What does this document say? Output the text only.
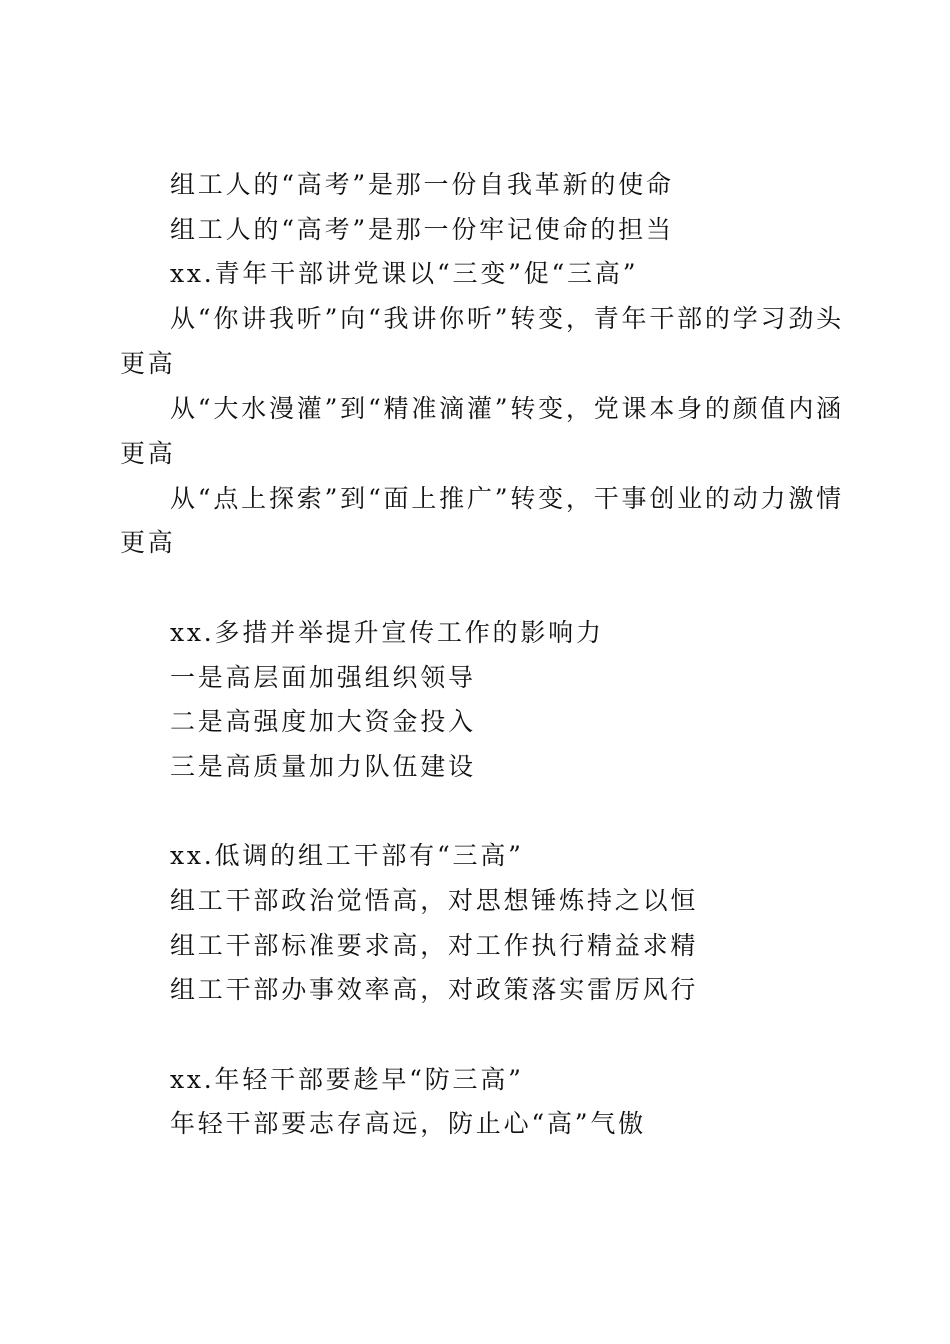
组工人的“高考”是那一份自我革新的使命
组工人的“高考”是那一份牢记使命的担当
xx.青年干部讲党课以“三变”促“三高”
从“你讲我听”向“我讲你听”转变，青年干部的学习劲头
更高
从“大水漫灌”到“精准滴灌”转变，党课本身的颜值内涵
更高
从“点上探索”到“面上推广”转变，干事创业的动力激情
更高
xx.多措并举提升宣传工作的影响力
一是高层面加强组织领导
二是高强度加大资金投入
三是高质量加力队伍建设
xx.低调的组工干部有“三高”
组工干部政治觉悟高，对思想锤炼持之以恒
组工干部标准要求高，对工作执行精益求精
组工干部办事效率高，对政策落实雷厉风行
xx.年轻干部要趁早“防三高”
年轻干部要志存高远，防止心“高”气傲
